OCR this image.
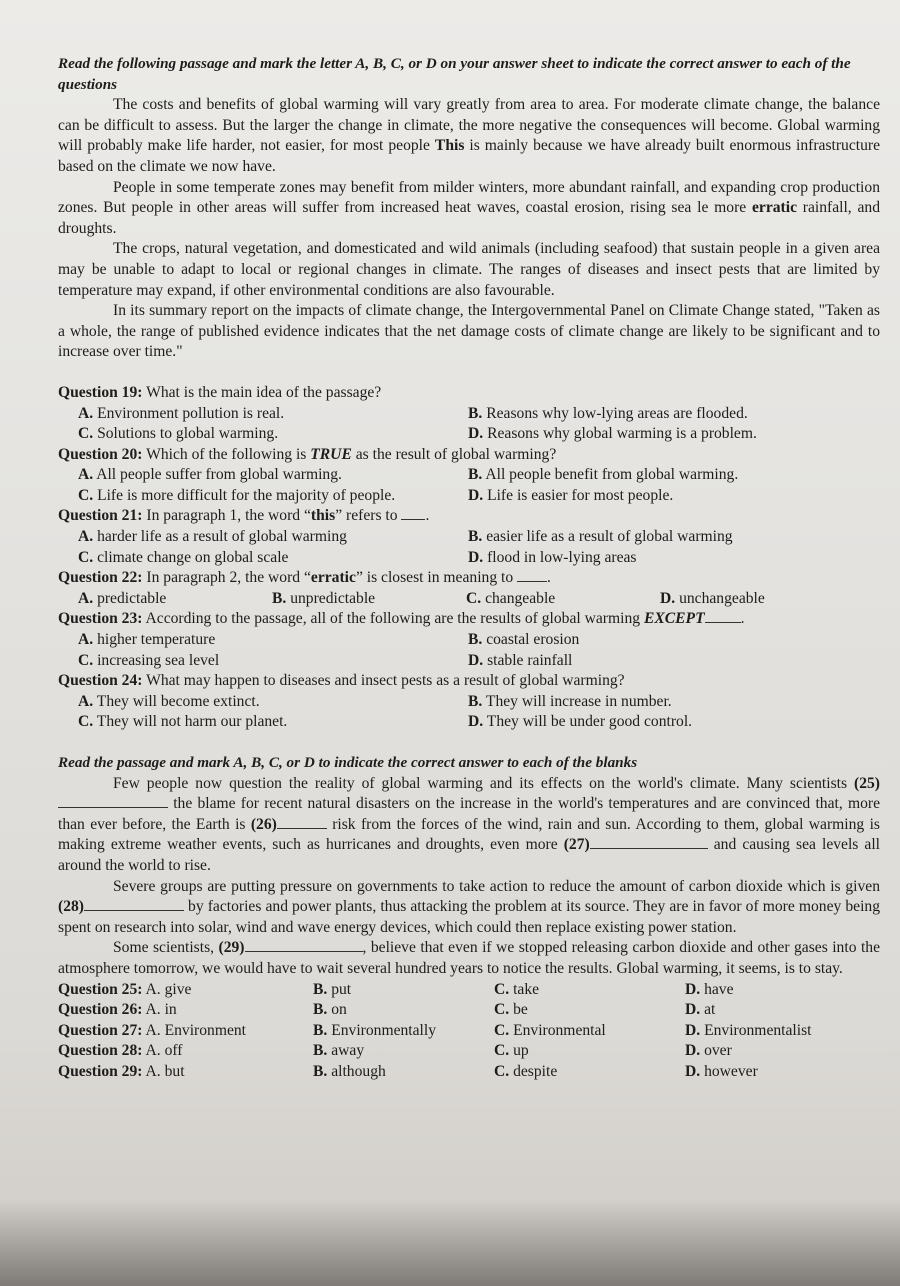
Read the following passage and mark the letter A, B, C, or D on your answer sheet to indicate the correct answer to each of the questions

The costs and benefits of global warming will vary greatly from area to area. For moderate climate change, the balance can be difficult to assess. But the larger the change in climate, the more negative the consequences will become. Global warming will probably make life harder, not easier, for most people This is mainly because we have already built enormous infrastructure based on the climate we now have.

People in some temperate zones may benefit from milder winters, more abundant rainfall, and expanding crop production zones. But people in other areas will suffer from increased heat waves, coastal erosion, rising sea le more erratic rainfall, and droughts.

The crops, natural vegetation, and domesticated and wild animals (including seafood) that sustain people in a given area may be unable to adapt to local or regional changes in climate. The ranges of diseases and insect pests that are limited by temperature may expand, if other environmental conditions are also favourable.

In its summary report on the impacts of climate change, the Intergovernmental Panel on Climate Change stated, "Taken as a whole, the range of published evidence indicates that the net damage costs of climate change are likely to be significant and to increase over time."

Question 19: What is the main idea of the passage?
A. Environment pollution is real.	B. Reasons why low-lying areas are flooded.
C. Solutions to global warming.	D. Reasons why global warming is a problem.
Question 20: Which of the following is TRUE as the result of global warming?
A. All people suffer from global warming.	B. All people benefit from global warming.
C. Life is more difficult for the majority of people.	D. Life is easier for most people.
Question 21: In paragraph 1, the word “this” refers to .
A. harder life as a result of global warming	B. easier life as a result of global warming
C. climate change on global scale	D. flood in low-lying areas
Question 22: In paragraph 2, the word “erratic” is closest in meaning to .
A. predictable	B. unpredictable	C. changeable	D. unchangeable
Question 23: According to the passage, all of the following are the results of global warming EXCEPT .
A. higher temperature	B. coastal erosion
C. increasing sea level	D. stable rainfall
Question 24: What may happen to diseases and insect pests as a result of global warming?
A. They will become extinct.	B. They will increase in number.
C. They will not harm our planet.	D. They will be under good control.
Read the passage and mark A, B, C, or D to indicate the correct answer to each of the blanks

Few people now question the reality of global warming and its effects on the world's climate. Many scientists (25) the blame for recent natural disasters on the increase in the world's temperatures and are convinced that, more than ever before, the Earth is (26)	risk from the forces of the wind, rain and sun. According to them, global warming is making extreme weather events, such as hurricanes and droughts, even more (27)	and causing sea levels all around the world to rise.

Severe groups are putting pressure on governments to take action to reduce the amount of carbon dioxide which is given (28)	by factories and power plants, thus attacking the problem at its source. They are in favor of more money being spent on research into solar, wind and wave energy devices, which could then replace existing power station.

Some scientists, (29)	, believe that even if we stopped releasing carbon dioxide and other gases into the atmosphere tomorrow, we would have to wait several hundred years to notice the results. Global warming, it seems, is to stay.

Question 25: A. give	B. put	C. take	D. have
Question 26: A. in	B. on	C. be	D. at
Question 27: A. Environment	B. Environmentally	C. Environmental	D. Environmentalist
Question 28: A. off	B. away	C. up	D. over
Question 29: A. but	B. although	C. despite	D. however
